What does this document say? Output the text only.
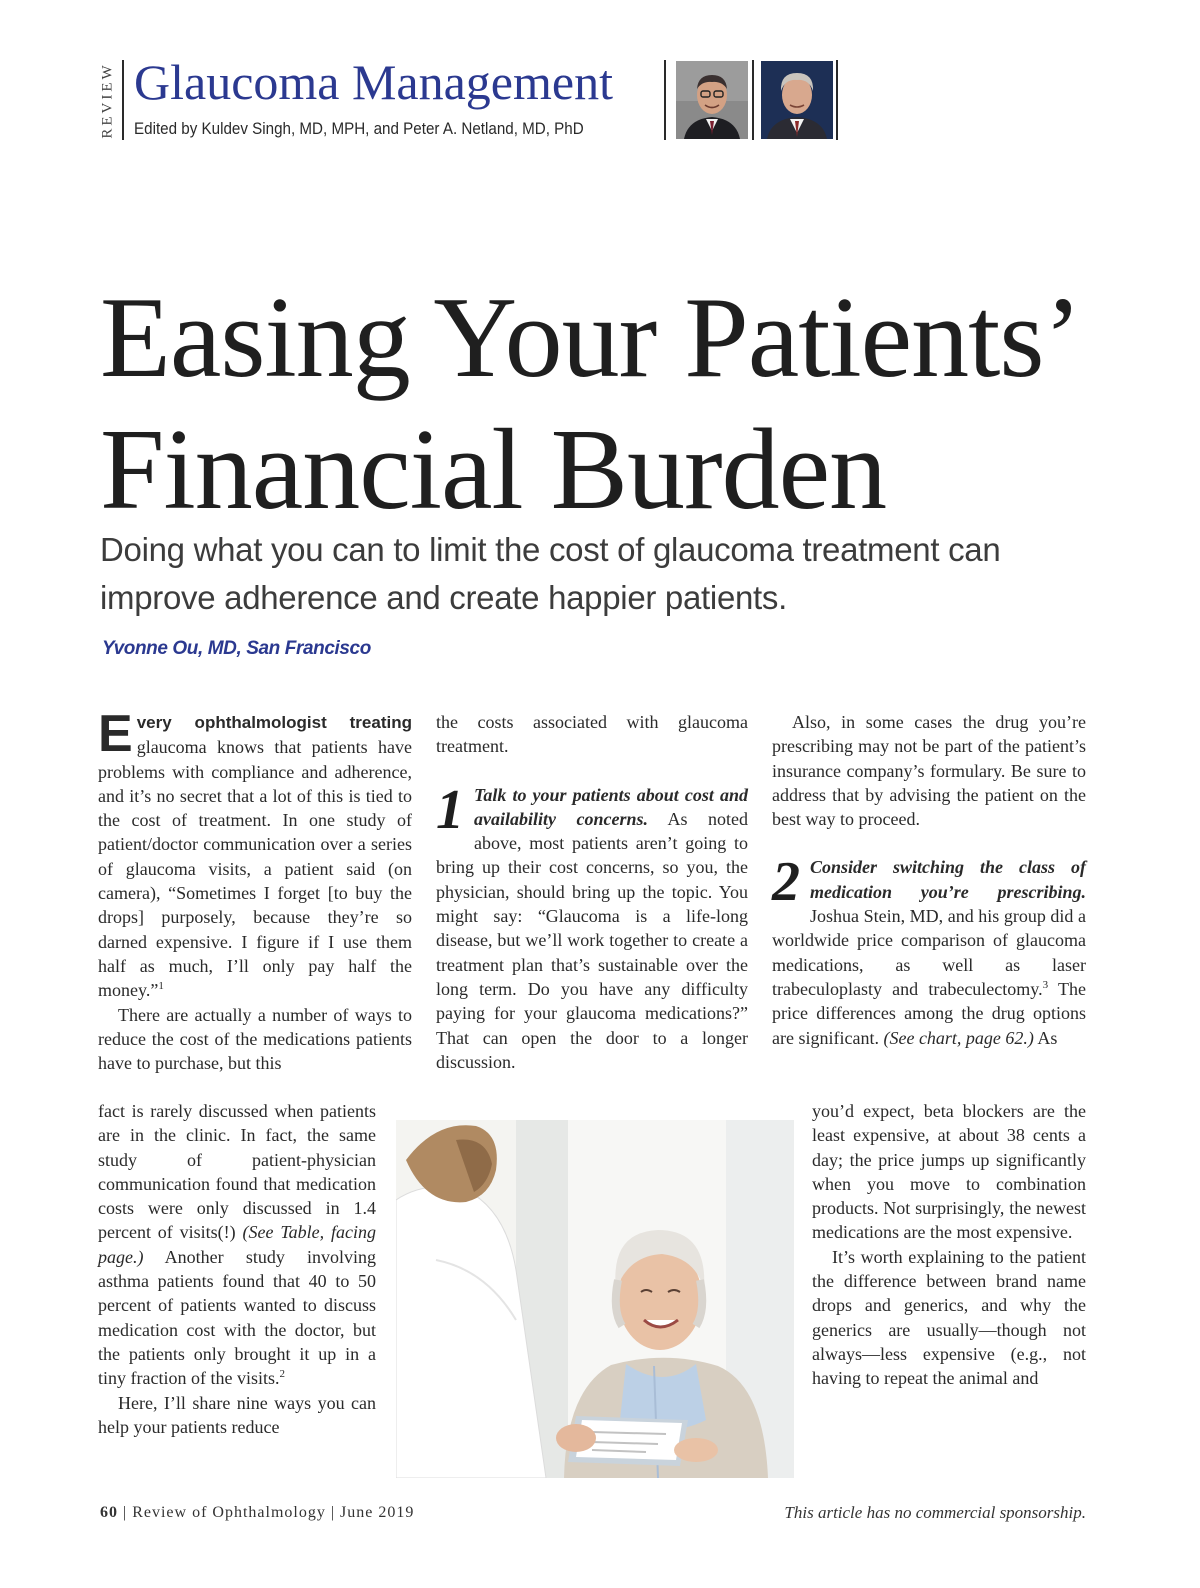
REVIEW Glaucoma Management
Edited by Kuldev Singh, MD, MPH, and Peter A. Netland, MD, PhD
Easing Your Patients’
Financial Burden

Doing what you can to limit the cost of glaucoma treatment can improve adherence and create happier patients.

Yvonne Ou, MD, San Francisco

Every ophthalmologist treating glaucoma knows that patients have problems with compliance and adherence, and it’s no secret that a lot of this is tied to the cost of treatment. In one study of patient/doctor communication over a series of glaucoma visits, a patient said (on camera), “Sometimes I forget [to buy the drops] purposely, because they’re so darned expensive. I figure if I use them half as much, I’ll only pay half the money.”$^1$

There are actually a number of ways to reduce the cost of the medications patients have to purchase, but this

fact is rarely discussed when patients are in the clinic. In fact, the same study of patient-physician communication found that medication costs were only discussed in 1.4 percent of visits(!) (See Table, facing page.) Another study involving asthma patients found that 40 to 50 percent of patients wanted to discuss medication cost with the doctor, but the patients only brought it up in a tiny fraction of the visits.$^2$

Here, I’ll share nine ways you can help your patients reduce

the costs associated with glaucoma treatment.

1 Talk to your patients about cost and availability concerns. As noted above, most patients aren’t going to bring up their cost concerns, so you, the physician, should bring up the topic. You might say: “Glaucoma is a life-long disease, but we’ll work together to create a treatment plan that’s sustainable over the long term. Do you have any difficulty paying for your glaucoma medications?” That can open the door to a longer discussion.

Also, in some cases the drug you’re prescribing may not be part of the patient’s insurance company’s formulary. Be sure to address that by advising the patient on the best way to proceed.

2 Consider switching the class of medication you’re prescribing. Joshua Stein, MD, and his group did a worldwide price comparison of glaucoma medications, as well as laser trabeculoplasty and trabeculectomy.$^3$ The price differences among the drug options are significant. (See chart, page 62.) As

you’d expect, beta blockers are the least expensive, at about 38 cents a day; the price jumps up significantly when you move to combination products. Not surprisingly, the newest medications are the most expensive.

It’s worth explaining to the patient the difference between brand name drops and generics, and why the generics are usually—though not always—less expensive (e.g., not having to repeat the animal and

60 | Review of Ophthalmology | June 2019	This article has no commercial sponsorship.
